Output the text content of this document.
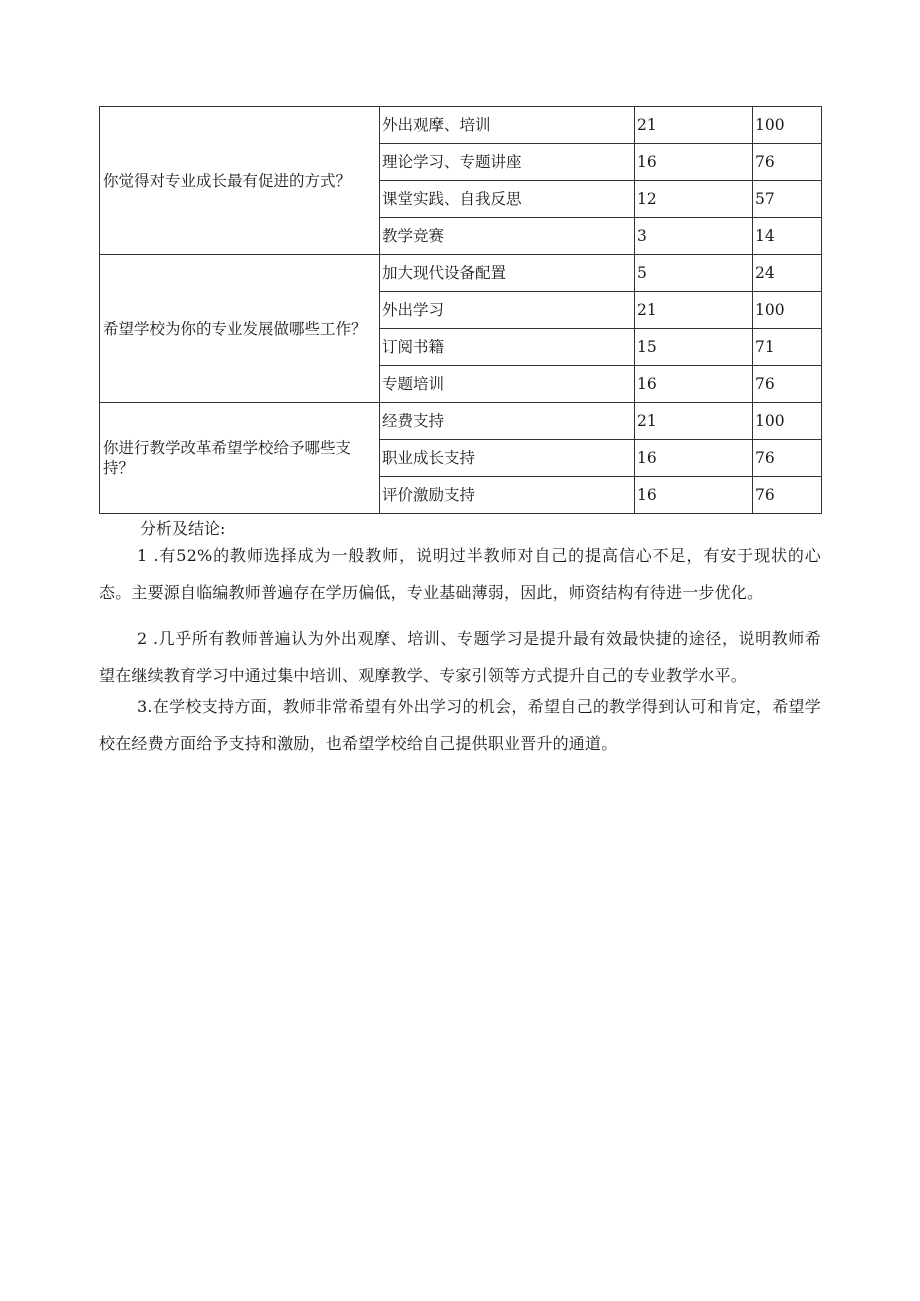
你觉得对专业成长最有促进的方式？	外出观摩、培训	21	100
	理论学习、专题讲座	16	76
	课堂实践、自我反思	12	57
	教学竞赛	3	14
希望学校为你的专业发展做哪些工作？	加大现代设备配置	5	24
	外出学习	21	100
	订阅书籍	15	71
	专题培训	16	76
你进行教学改革希望学校给予哪些支持？	经费支持	21	100
	职业成长支持	16	76
	评价激励支持	16	76
分析及结论:
1 .有52%的教师选择成为一般教师，说明过半教师对自己的提高信心不足，有安于现状的心态。主要源自临编教师普遍存在学历偏低，专业基础薄弱，因此，师资结构有待进一步优化。
2 .几乎所有教师普遍认为外出观摩、培训、专题学习是提升最有效最快捷的途径，说明教师希望在继续教育学习中通过集中培训、观摩教学、专家引领等方式提升自己的专业教学水平。
3.在学校支持方面，教师非常希望有外出学习的机会，希望自己的教学得到认可和肯定，希望学校在经费方面给予支持和激励，也希望学校给自己提供职业晋升的通道。
